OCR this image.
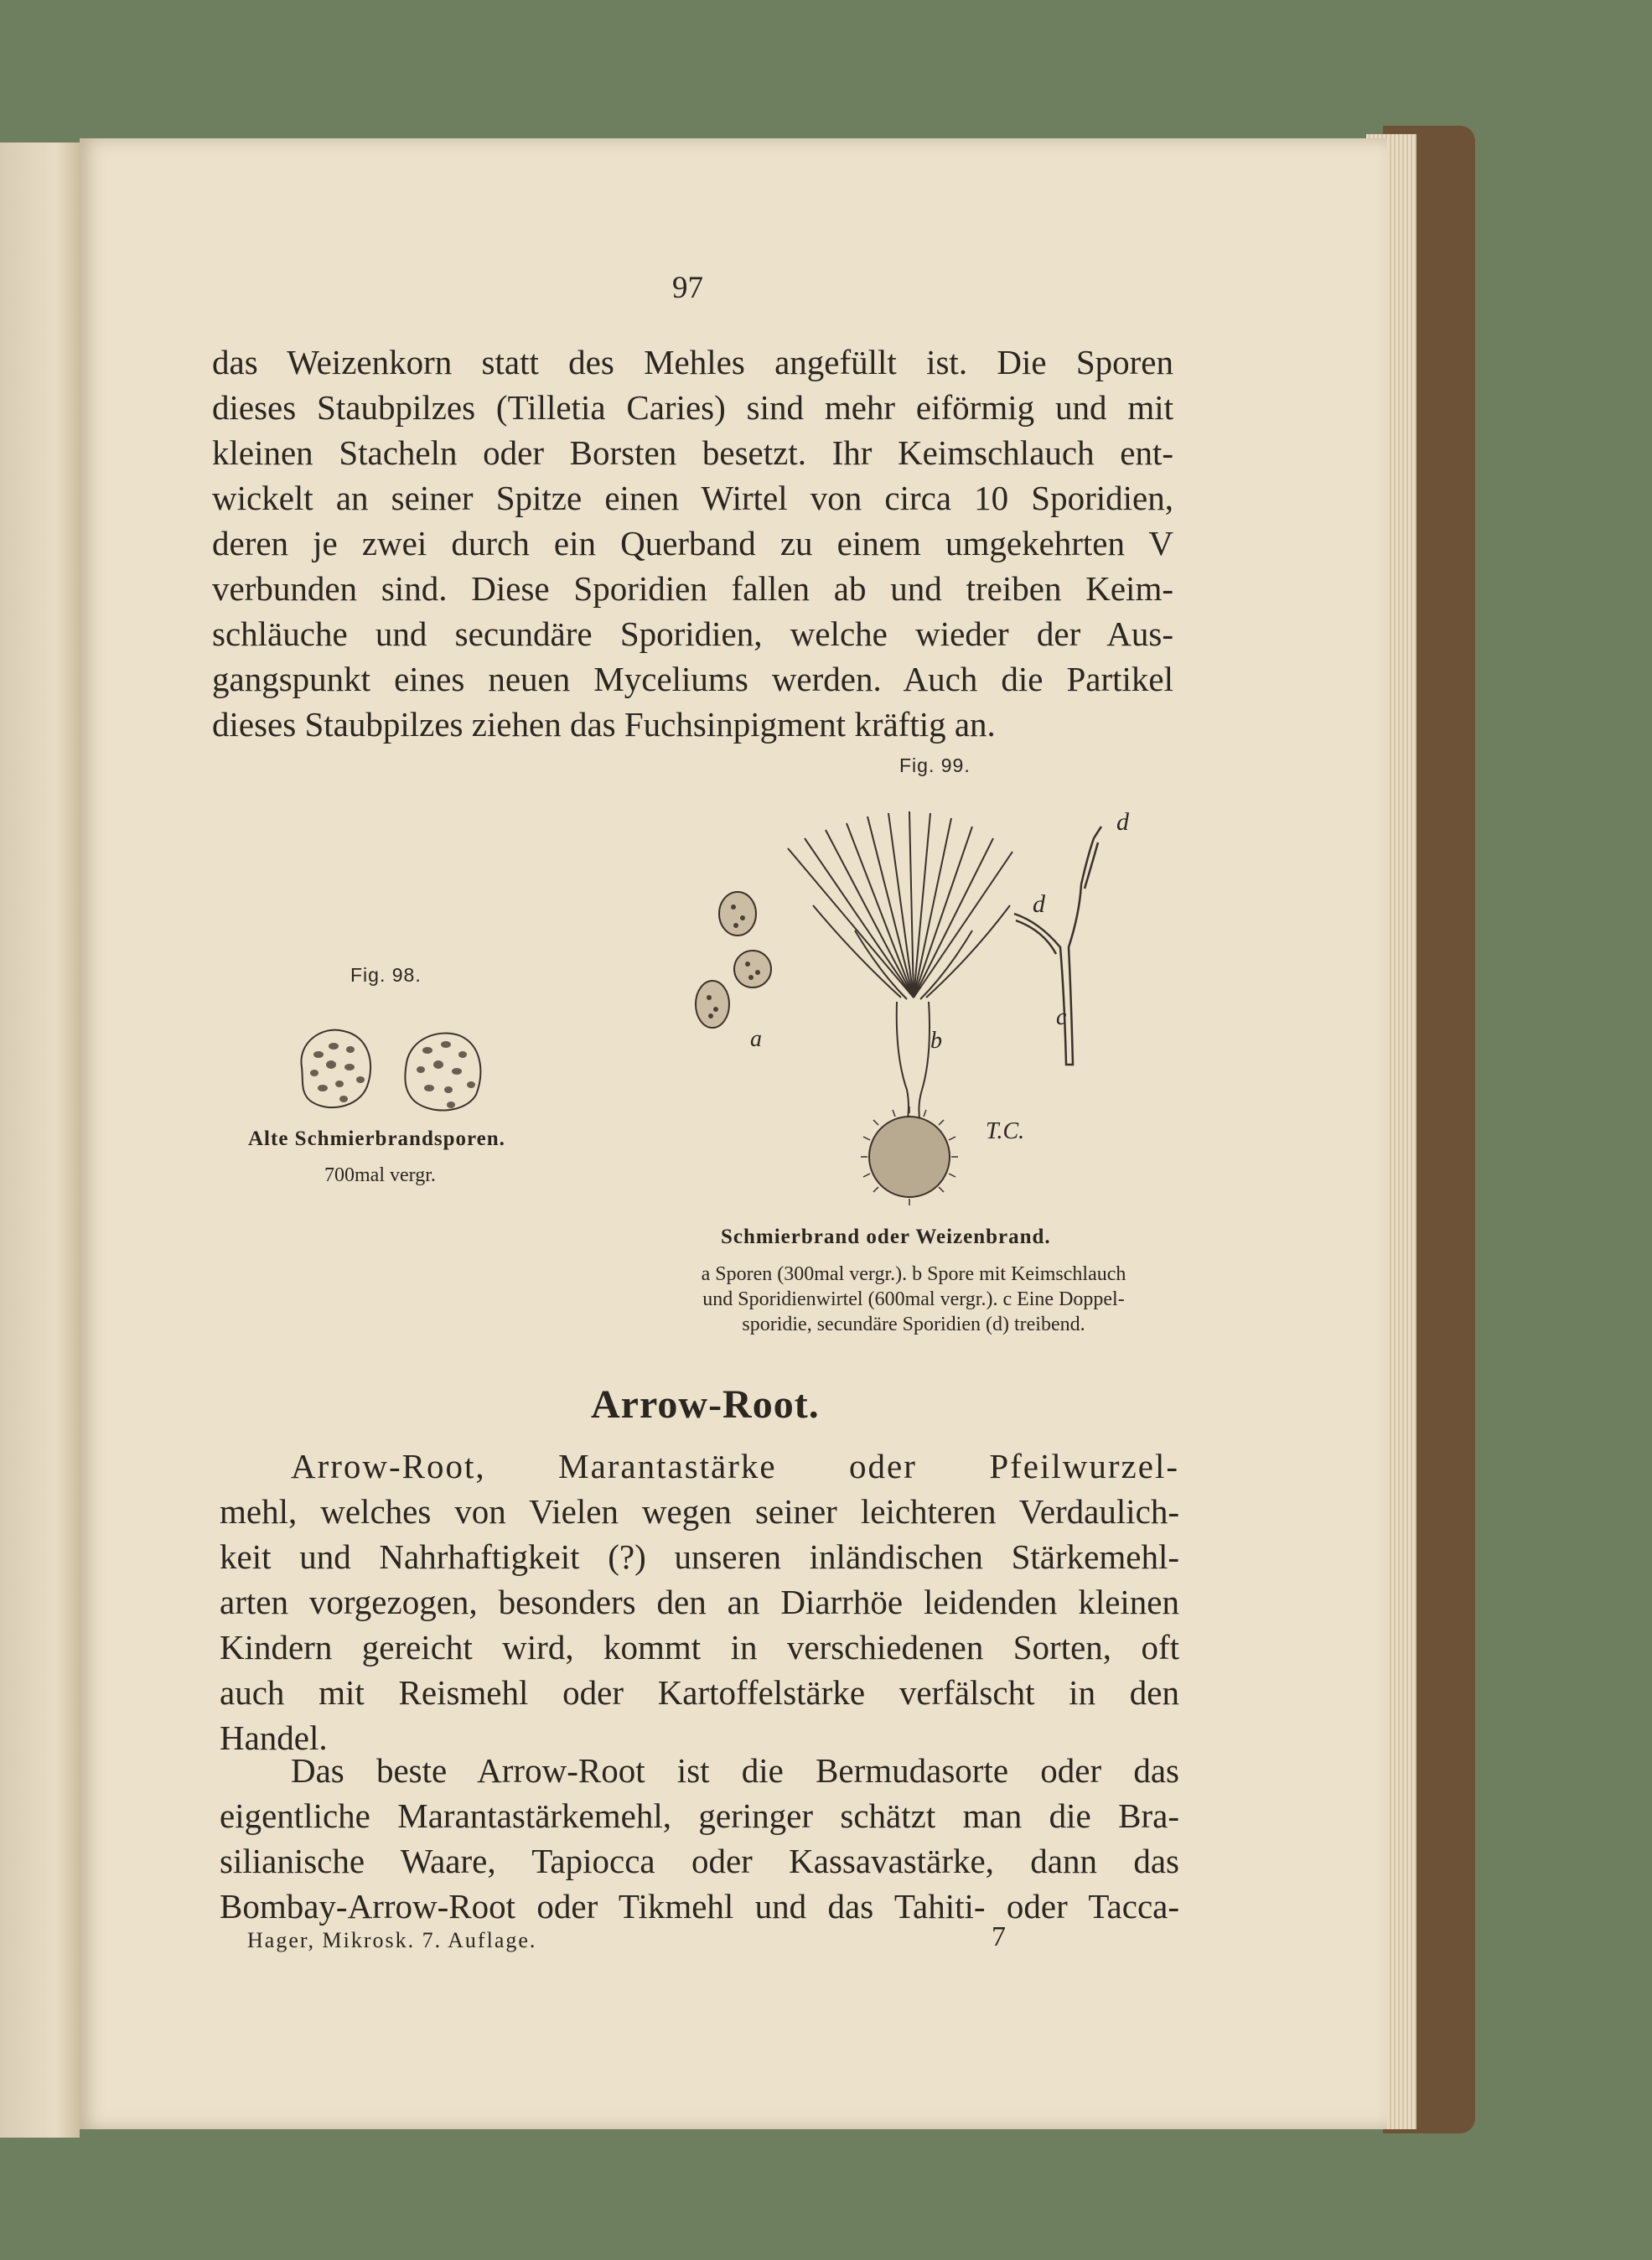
97
das Weizenkorn statt des Mehles angefüllt ist. Die Sporen
dieses Staubpilzes (Tilletia Caries) sind mehr eiförmig und mit
kleinen Stacheln oder Borsten besetzt. Ihr Keimschlauch ent-
wickelt an seiner Spitze einen Wirtel von circa 10 Sporidien,
deren je zwei durch ein Querband zu einem umgekehrten V
verbunden sind. Diese Sporidien fallen ab und treiben Keim-
schläuche und secundäre Sporidien, welche wieder der Aus-
gangspunkt eines neuen Myceliums werden. Auch die Partikel
dieses Staubpilzes ziehen das Fuchsinpigment kräftig an.
Fig. 98.
Alte Schmierbrandsporen.
700mal vergr.
Fig. 99.
a	b
c
d
d
T.C.
Schmierbrand oder Weizenbrand.
a Sporen (300mal vergr.). b Spore mit Keimschlauch
und Sporidienwirtel (600mal vergr.). c Eine Doppel-
sporidie, secundäre Sporidien (d) treibend.
Arrow-Root.
Arrow-Root, Marantastärke oder Pfeilwurzel-
mehl, welches von Vielen wegen seiner leichteren Verdaulich-
keit und Nahrhaftigkeit (?) unseren inländischen Stärkemehl-
arten vorgezogen, besonders den an Diarrhöe leidenden kleinen
Kindern gereicht wird, kommt in verschiedenen Sorten, oft
auch mit Reismehl oder Kartoffelstärke verfälscht in den
Handel.
Das beste Arrow-Root ist die Bermudasorte oder das
eigentliche Marantastärkemehl, geringer schätzt man die Bra-
silianische Waare, Tapiocca oder Kassavastärke, dann das
Bombay-Arrow-Root oder Tikmehl und das Tahiti- oder Tacca-
Hager, Mikrosk. 7. Auflage.	7
